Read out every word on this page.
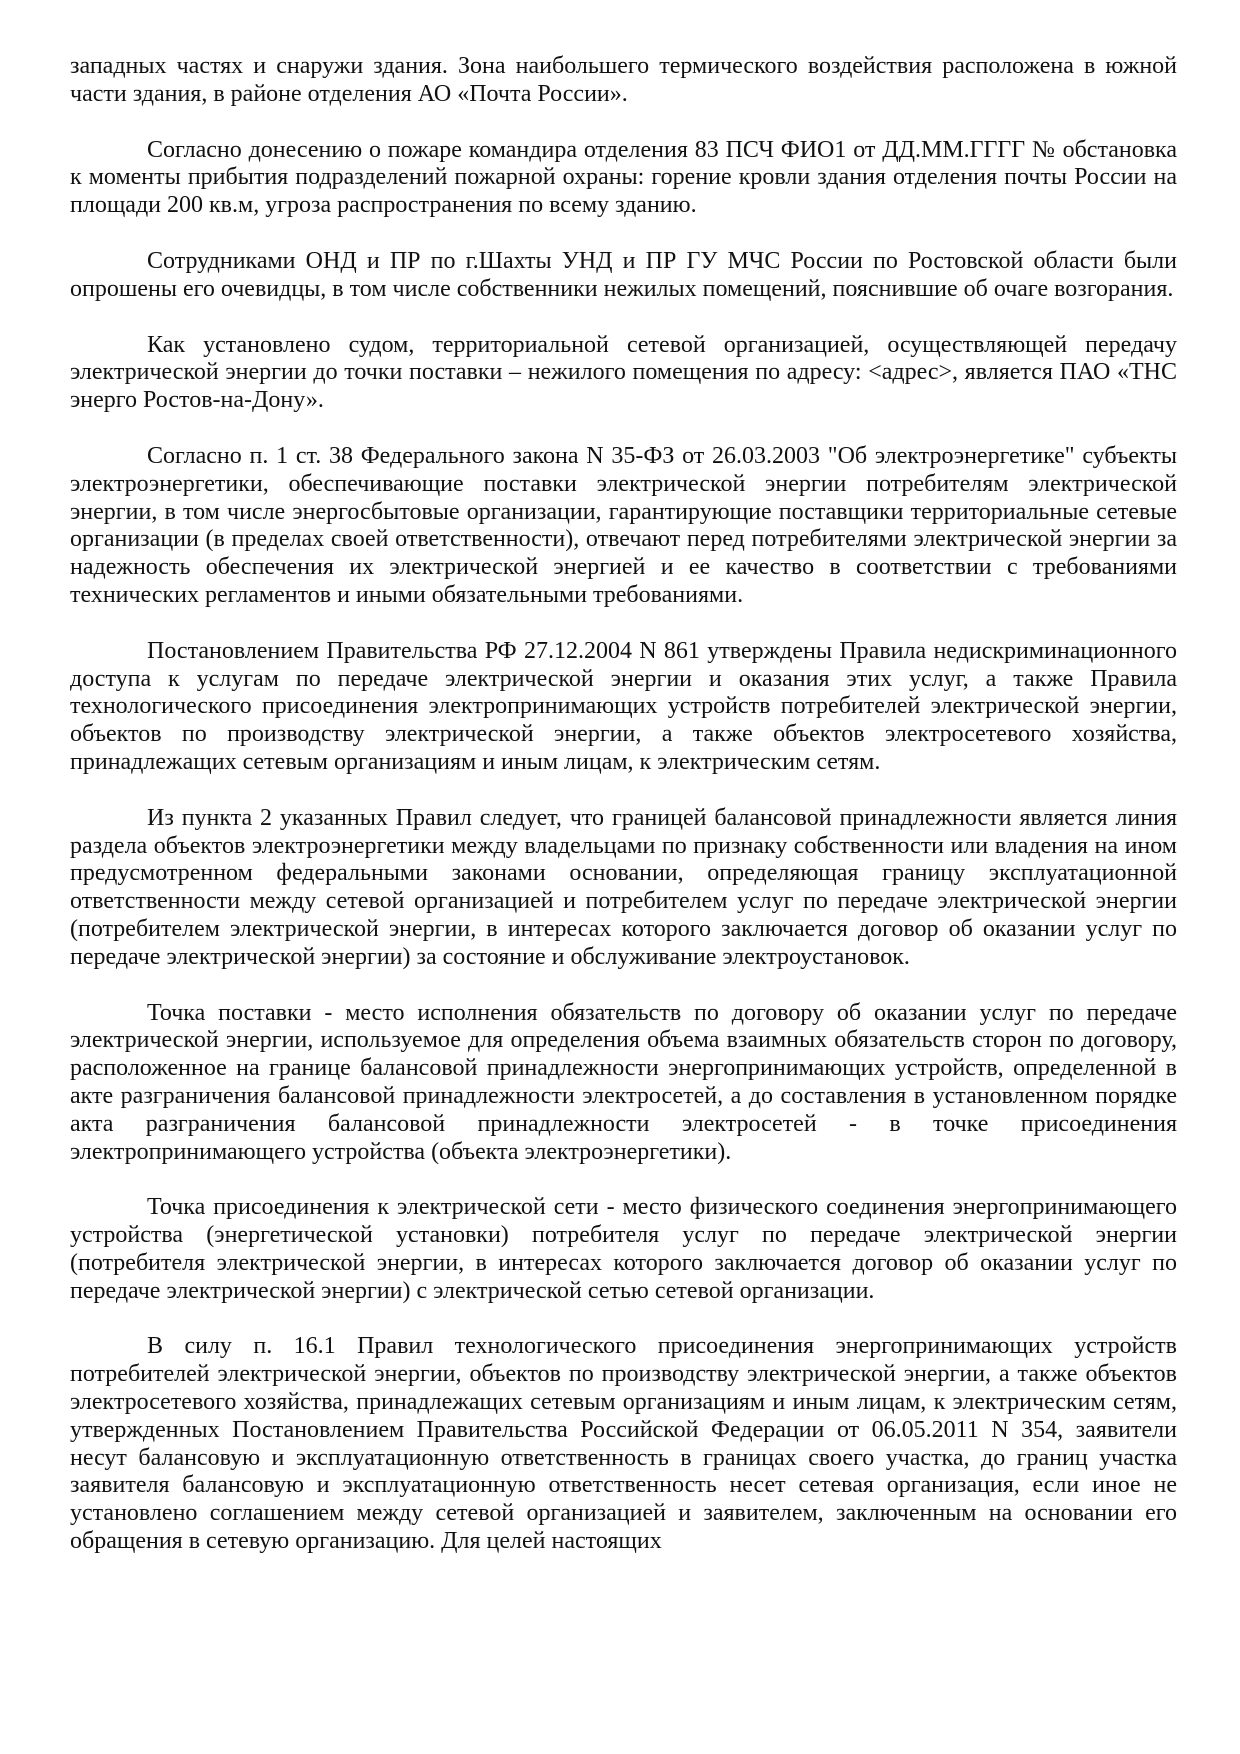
западных частях и снаружи здания. Зона наибольшего термического воздействия расположена в южной части здания, в районе отделения АО «Почта России».

Согласно донесению о пожаре командира отделения 83 ПСЧ ФИО1 от ДД.ММ.ГГГГ № обстановка к моменты прибытия подразделений пожарной охраны: горение кровли здания отделения почты России на площади 200 кв.м, угроза распространения по всему зданию.

Сотрудниками ОНД и ПР по г.Шахты УНД и ПР ГУ МЧС России по Ростовской области были опрошены его очевидцы, в том числе собственники нежилых помещений, пояснившие об очаге возгорания.

Как установлено судом, территориальной сетевой организацией, осуществляющей передачу электрической энергии до точки поставки – нежилого помещения по адресу: <адрес>, является ПАО «ТНС энерго Ростов-на-Дону».

Согласно п. 1 ст. 38 Федерального закона N 35-ФЗ от 26.03.2003 "Об электроэнергетике" субъекты электроэнергетики, обеспечивающие поставки электрической энергии потребителям электрической энергии, в том числе энергосбытовые организации, гарантирующие поставщики территориальные сетевые организации (в пределах своей ответственности), отвечают перед потребителями электрической энергии за надежность обеспечения их электрической энергией и ее качество в соответствии с требованиями технических регламентов и иными обязательными требованиями.

Постановлением Правительства РФ 27.12.2004 N 861 утверждены Правила недискриминационного доступа к услугам по передаче электрической энергии и оказания этих услуг, а также Правила технологического присоединения электропринимающих устройств потребителей электрической энергии, объектов по производству электрической энергии, а также объектов электросетевого хозяйства, принадлежащих сетевым организациям и иным лицам, к электрическим сетям.

Из пункта 2 указанных Правил следует, что границей балансовой принадлежности является линия раздела объектов электроэнергетики между владельцами по признаку собственности или владения на ином предусмотренном федеральными законами основании, определяющая границу эксплуатационной ответственности между сетевой организацией и потребителем услуг по передаче электрической энергии (потребителем электрической энергии, в интересах которого заключается договор об оказании услуг по передаче электрической энергии) за состояние и обслуживание электроустановок.

Точка поставки - место исполнения обязательств по договору об оказании услуг по передаче электрической энергии, используемое для определения объема взаимных обязательств сторон по договору, расположенное на границе балансовой принадлежности энергопринимающих устройств, определенной в акте разграничения балансовой принадлежности электросетей, а до составления в установленном порядке акта разграничения балансовой принадлежности электросетей - в точке присоединения электропринимающего устройства (объекта электроэнергетики).

Точка присоединения к электрической сети - место физического соединения энергопринимающего устройства (энергетической установки) потребителя услуг по передаче электрической энергии (потребителя электрической энергии, в интересах которого заключается договор об оказании услуг по передаче электрической энергии) с электрической сетью сетевой организации.

В силу п. 16.1 Правил технологического присоединения энергопринимающих устройств потребителей электрической энергии, объектов по производству электрической энергии, а также объектов электросетевого хозяйства, принадлежащих сетевым организациям и иным лицам, к электрическим сетям, утвержденных Постановлением Правительства Российской Федерации от 06.05.2011 N 354, заявители несут балансовую и эксплуатационную ответственность в границах своего участка, до границ участка заявителя балансовую и эксплуатационную ответственность несет сетевая организация, если иное не установлено соглашением между сетевой организацией и заявителем, заключенным на основании его обращения в сетевую организацию. Для целей настоящих
